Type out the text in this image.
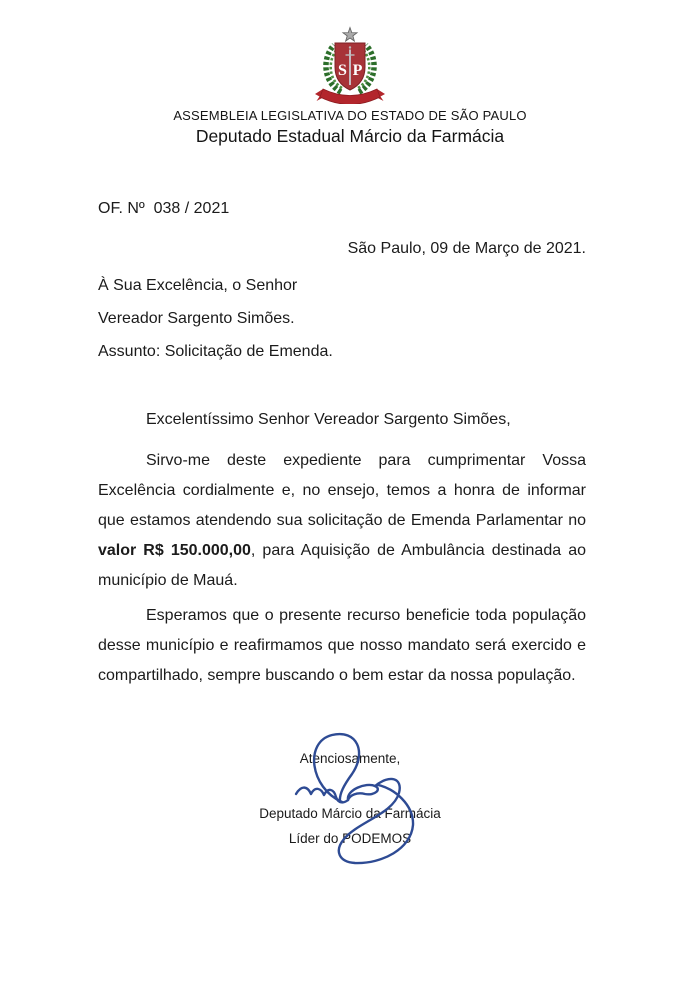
S P
ASSEMBLEIA LEGISLATIVA DO ESTADO DE SÃO PAULO
Deputado Estadual Márcio da Farmácia
OF. Nº  038 / 2021
São Paulo, 09 de Março de 2021.
À Sua Excelência, o Senhor
Vereador Sargento Simões.
Assunto: Solicitação de Emenda.
Excelentíssimo Senhor Vereador Sargento Simões,
Sirvo-me deste expediente para cumprimentar Vossa
Excelência cordialmente e, no ensejo, temos a honra de informar
que estamos atendendo sua solicitação de Emenda Parlamentar no
valor R$ 150.000,00, para Aquisição de Ambulância destinada ao
município de Mauá.
Esperamos que o presente recurso beneficie toda população
desse município e reafirmamos que nosso mandato será exercido e
compartilhado, sempre buscando o bem estar da nossa população.
Atenciosamente,
Deputado Márcio da Farmácia
Líder do PODEMOS
